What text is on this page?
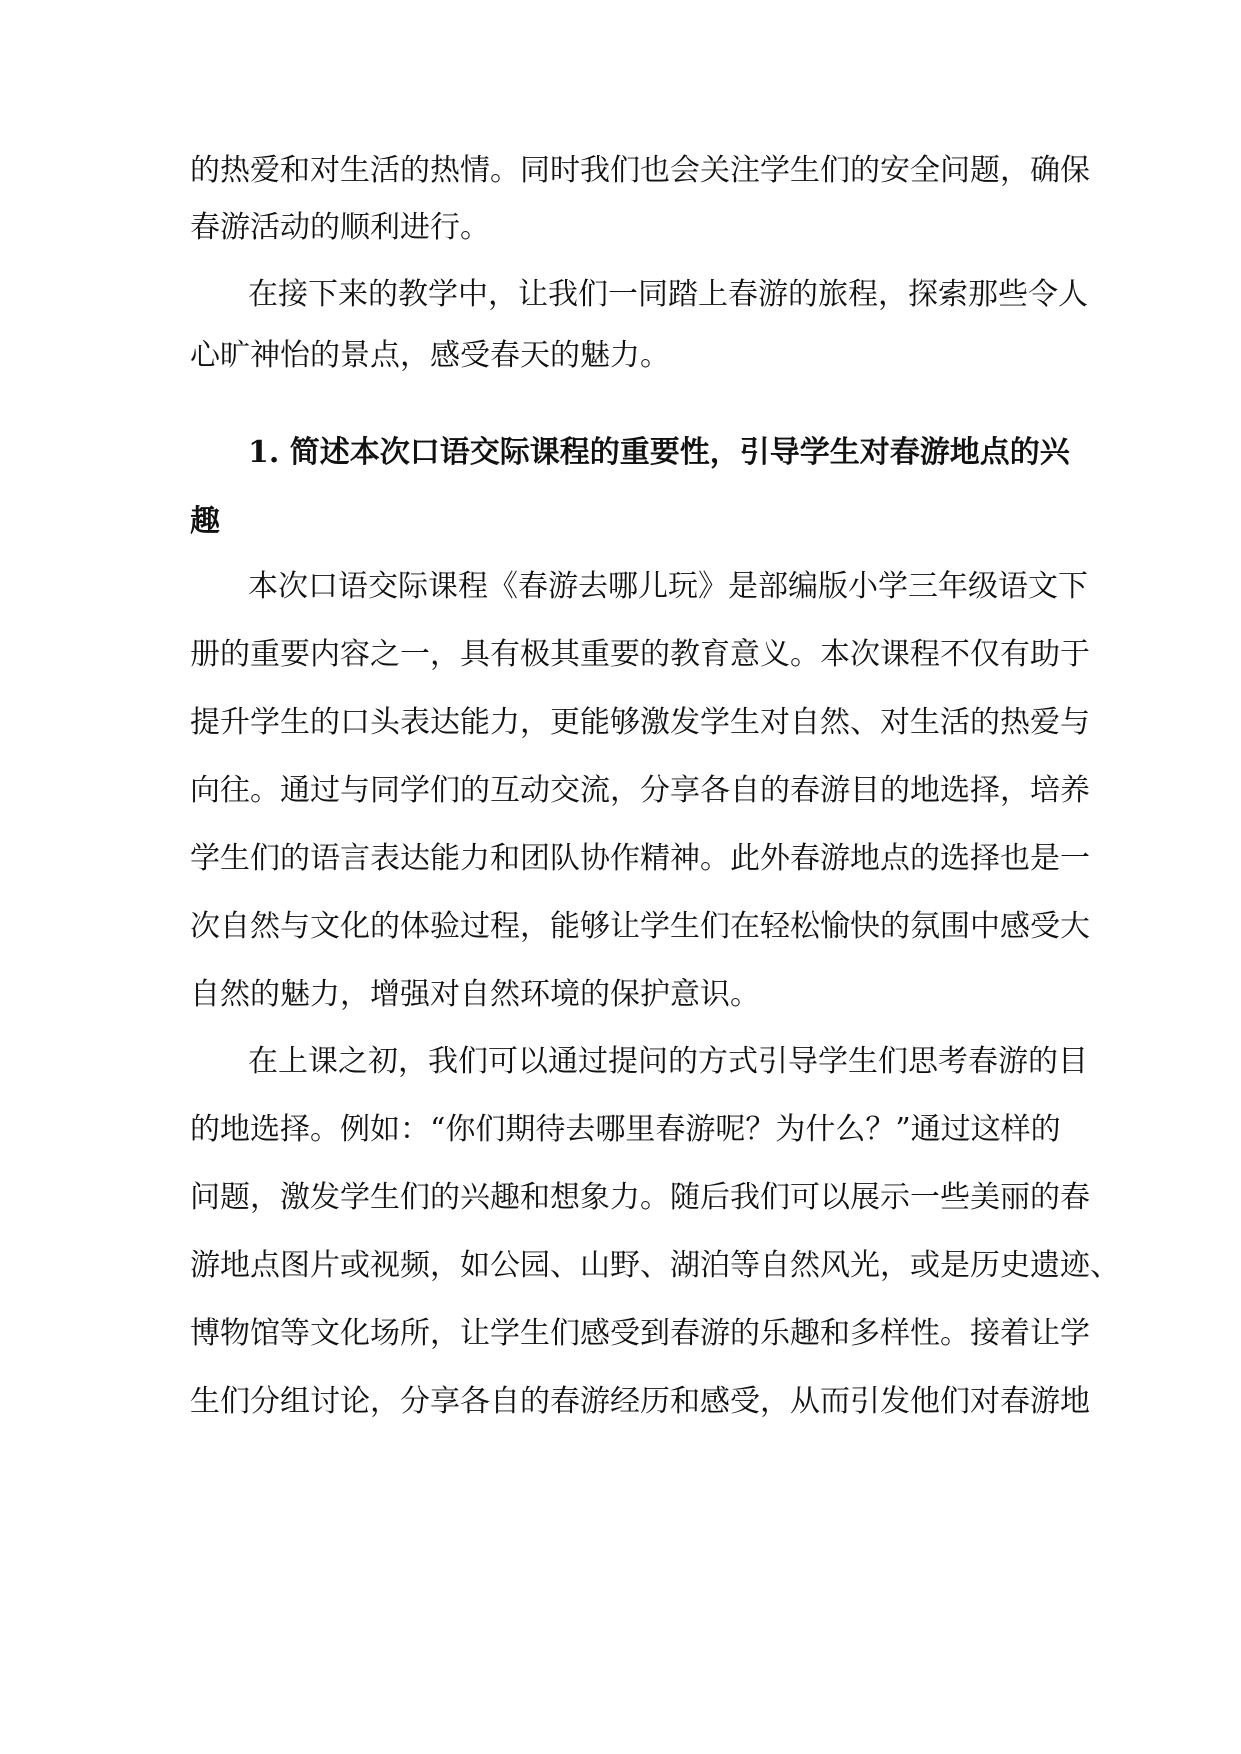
的热爱和对生活的热情。同时我们也会关注学生们的安全问题，确保

春游活动的顺利进行。

在接下来的教学中，让我们一同踏上春游的旅程，探索那些令人

心旷神怡的景点，感受春天的魅力。

1. 简述本次口语交际课程的重要性，引导学生对春游地点的兴

趣

本次口语交际课程《春游去哪儿玩》是部编版小学三年级语文下

册的重要内容之一，具有极其重要的教育意义。本次课程不仅有助于

提升学生的口头表达能力，更能够激发学生对自然、对生活的热爱与

向往。通过与同学们的互动交流，分享各自的春游目的地选择，培养

学生们的语言表达能力和团队协作精神。此外春游地点的选择也是一

次自然与文化的体验过程，能够让学生们在轻松愉快的氛围中感受大

自然的魅力，增强对自然环境的保护意识。

在上课之初，我们可以通过提问的方式引导学生们思考春游的目

的地选择。例如：“你们期待去哪里春游呢？为什么？”通过这样的

问题，激发学生们的兴趣和想象力。随后我们可以展示一些美丽的春

游地点图片或视频，如公园、山野、湖泊等自然风光，或是历史遗迹、

博物馆等文化场所，让学生们感受到春游的乐趣和多样性。接着让学

生们分组讨论，分享各自的春游经历和感受，从而引发他们对春游地
